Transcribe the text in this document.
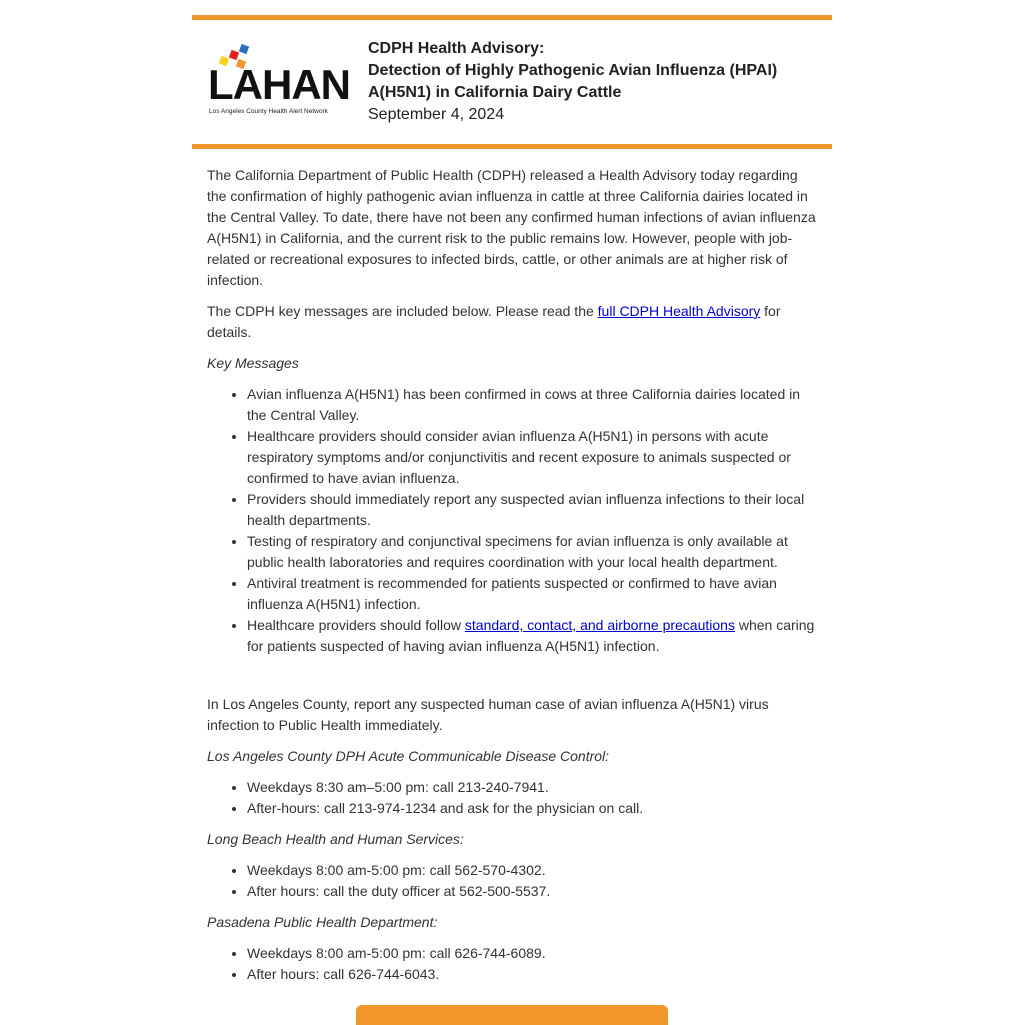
LAHAN
Los Angeles County Health Alert Network
CDPH Health Advisory:
Detection of Highly Pathogenic Avian Influenza (HPAI)
A(H5N1) in California Dairy Cattle
September 4, 2024

The California Department of Public Health (CDPH) released a Health Advisory today regarding the confirmation of highly pathogenic avian influenza in cattle at three California dairies located in the Central Valley. To date, there have not been any confirmed human infections of avian influenza A(H5N1) in California, and the current risk to the public remains low. However, people with job-related or recreational exposures to infected birds, cattle, or other animals are at higher risk of infection.

The CDPH key messages are included below. Please read the full CDPH Health Advisory for details.

Key Messages

• Avian influenza A(H5N1) has been confirmed in cows at three California dairies located in the Central Valley.
• Healthcare providers should consider avian influenza A(H5N1) in persons with acute respiratory symptoms and/or conjunctivitis and recent exposure to animals suspected or confirmed to have avian influenza.
• Providers should immediately report any suspected avian influenza infections to their local health departments.
• Testing of respiratory and conjunctival specimens for avian influenza is only available at public health laboratories and requires coordination with your local health department.
• Antiviral treatment is recommended for patients suspected or confirmed to have avian influenza A(H5N1) infection.
• Healthcare providers should follow standard, contact, and airborne precautions when caring for patients suspected of having avian influenza A(H5N1) infection.

In Los Angeles County, report any suspected human case of avian influenza A(H5N1) virus infection to Public Health immediately.

Los Angeles County DPH Acute Communicable Disease Control:

• Weekdays 8:30 am–5:00 pm: call 213-240-7941.
• After-hours: call 213-974-1234 and ask for the physician on call.

Long Beach Health and Human Services:

• Weekdays 8:00 am-5:00 pm: call 562-570-4302.
• After hours: call the duty officer at 562-500-5537.

Pasadena Public Health Department:

• Weekdays 8:00 am-5:00 pm: call 626-744-6089.
• After hours: call 626-744-6043.
